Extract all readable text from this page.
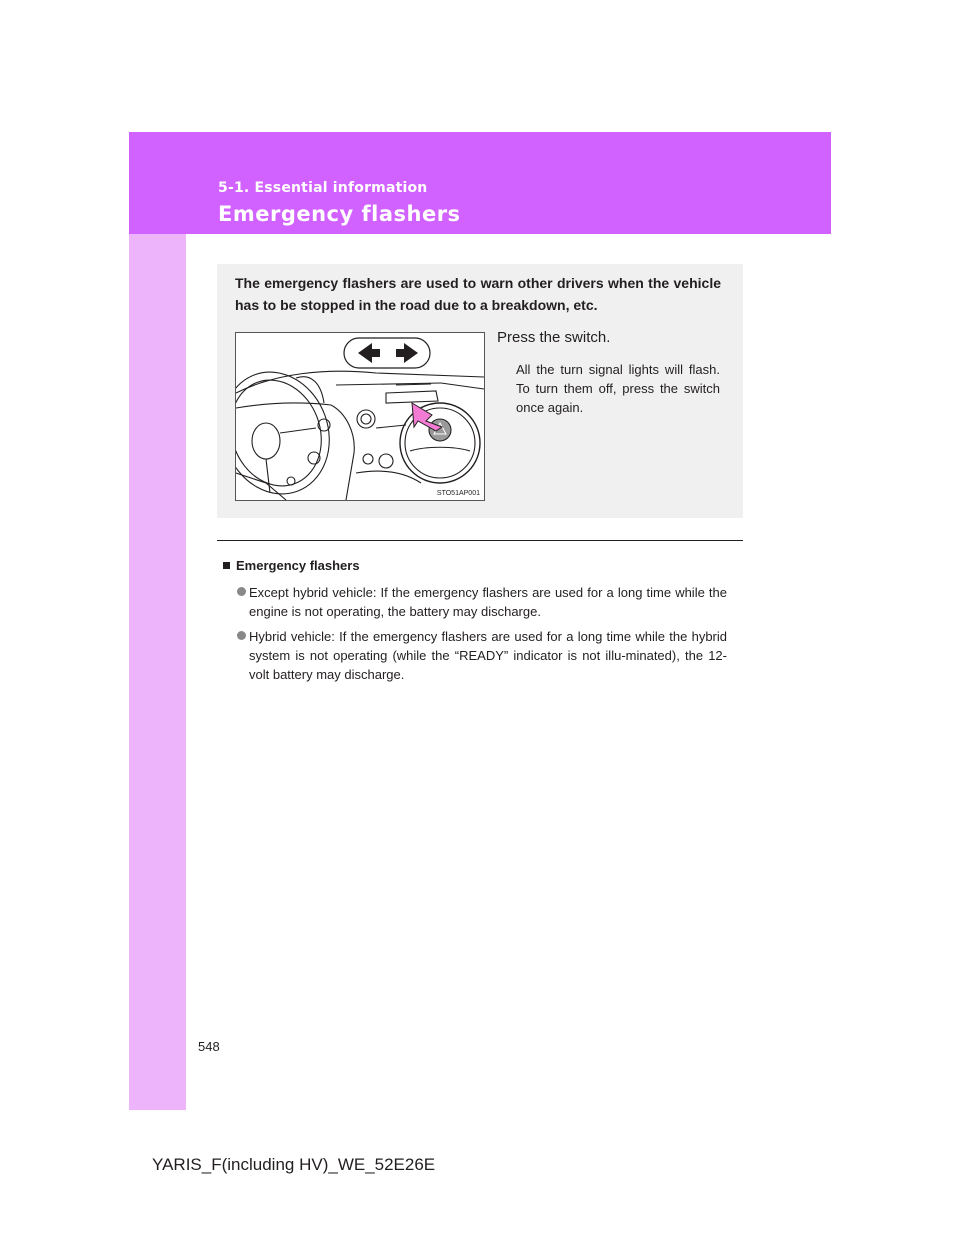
5-1. Essential information
Emergency flashers
The emergency flashers are used to warn other drivers when the vehicle has to be stopped in the road due to a breakdown, etc.
STO51AP001
Press the switch.
All the turn signal lights will flash. To turn them off, press the switch once again.
Emergency flashers
Except hybrid vehicle: If the emergency flashers are used for a long time while the engine is not operating, the battery may discharge.
Hybrid vehicle: If the emergency flashers are used for a long time while the hybrid system is not operating (while the “READY” indicator is not illu-minated), the 12-volt battery may discharge.
548
YARIS_F(including HV)_WE_52E26E
